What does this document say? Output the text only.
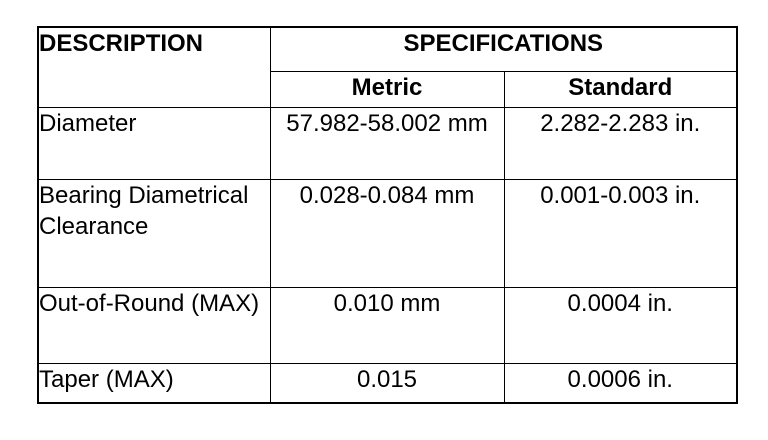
DESCRIPTION	SPECIFICATIONS	
	Metric	Standard
Diameter	57.982-58.002 mm	2.282-2.283 in.
Bearing Diametrical Clearance	0.028-0.084 mm	0.001-0.003 in.
Out-of-Round (MAX)	0.010 mm	0.0004 in.
Taper (MAX)	0.015	0.0006 in.
